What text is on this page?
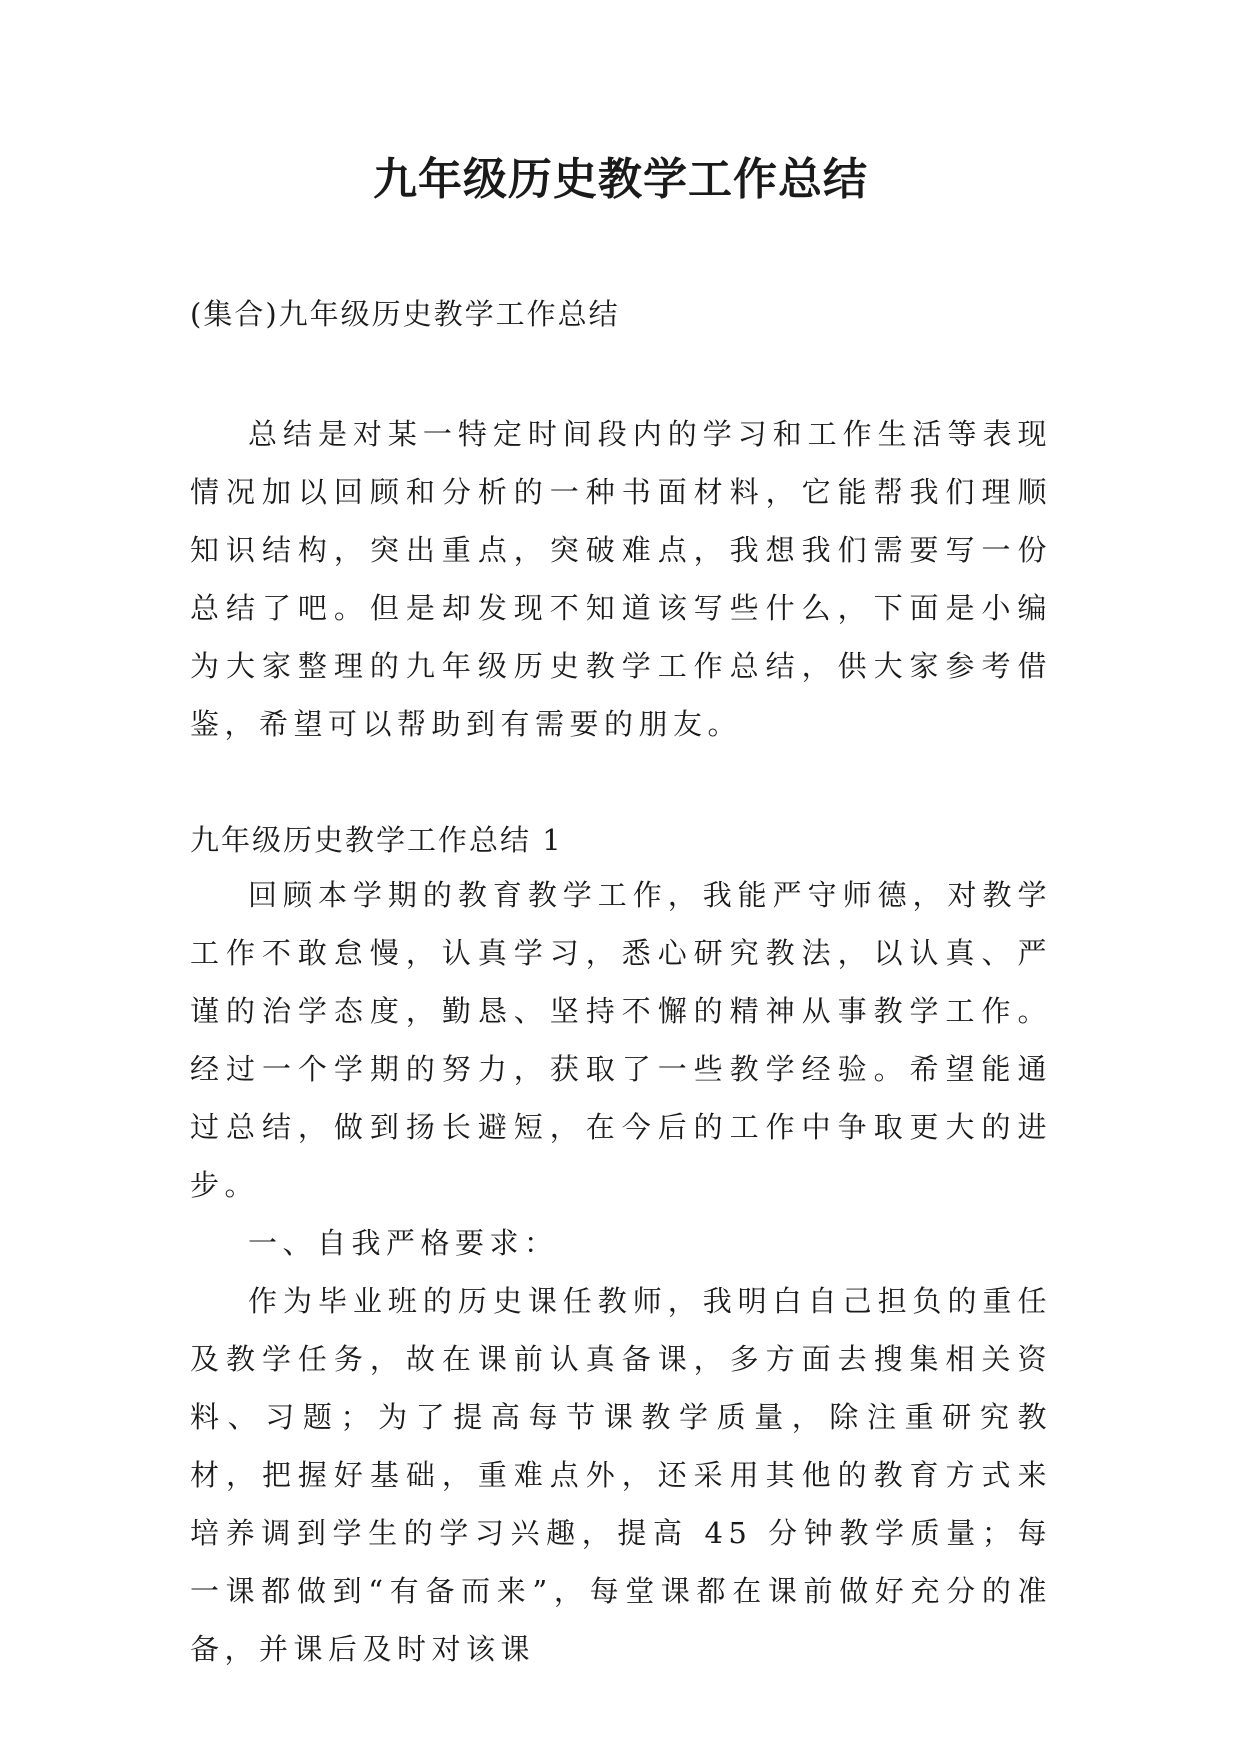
九年级历史教学工作总结
(集合)九年级历史教学工作总结

总结是对某一特定时间段内的学习和工作生活等表现情况加以回顾和分析的一种书面材料，它能帮我们理顺知识结构，突出重点，突破难点，我想我们需要写一份总结了吧。但是却发现不知道该写些什么，下面是小编为大家整理的九年级历史教学工作总结，供大家参考借鉴，希望可以帮助到有需要的朋友。

九年级历史教学工作总结 1

回顾本学期的教育教学工作，我能严守师德，对教学工作不敢怠慢，认真学习，悉心研究教法，以认真、严谨的治学态度，勤恳、坚持不懈的精神从事教学工作。经过一个学期的努力，获取了一些教学经验。希望能通过总结，做到扬长避短，在今后的工作中争取更大的进步。

一、自我严格要求：

作为毕业班的历史课任教师，我明白自己担负的重任及教学任务，故在课前认真备课，多方面去搜集相关资料、习题；为了提高每节课教学质量，除注重研究教材，把握好基础，重难点外，还采用其他的教育方式来培养调到学生的学习兴趣，提高 45 分钟教学质量；每一课都做到“有备而来”，每堂课都在课前做好充分的准备，并课后及时对该课
